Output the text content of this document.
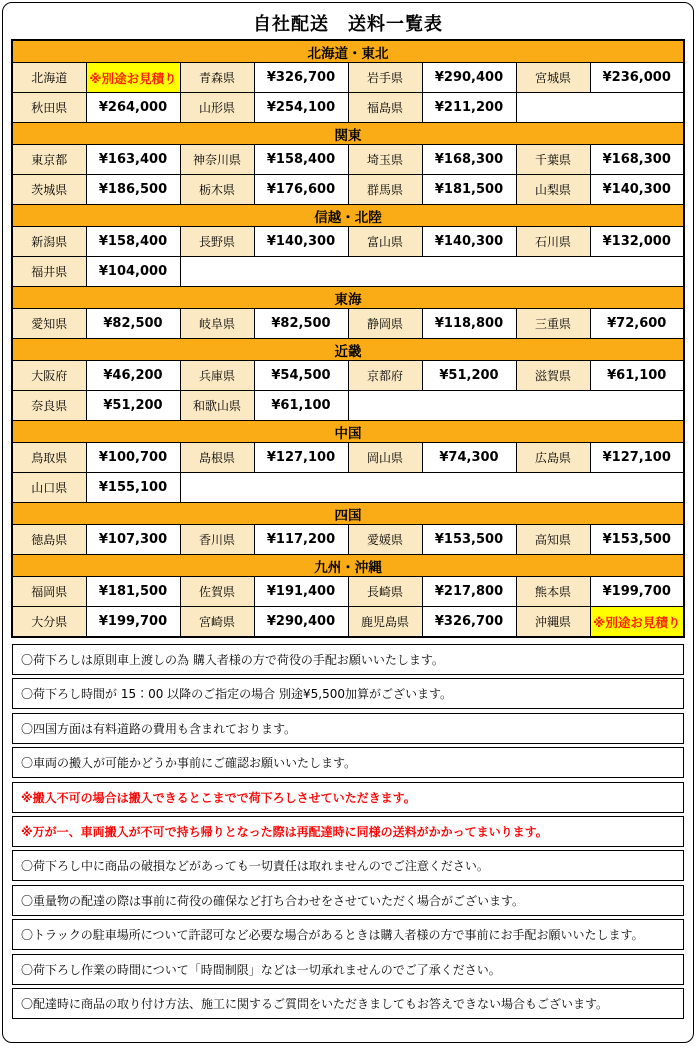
自社配送　送料一覧表
北海道・東北							
北海道	※別途お見積り	青森県	¥326,700	岩手県	¥290,400	宮城県	¥236,000
秋田県	¥264,000	山形県	¥254,100	福島県	¥211,200		
関東							
東京都	¥163,400	神奈川県	¥158,400	埼玉県	¥168,300	千葉県	¥168,300
茨城県	¥186,500	栃木県	¥176,600	群馬県	¥181,500	山梨県	¥140,300
信越・北陸							
新潟県	¥158,400	長野県	¥140,300	富山県	¥140,300	石川県	¥132,000
福井県	¥104,000						
東海							
愛知県	¥82,500	岐阜県	¥82,500	静岡県	¥118,800	三重県	¥72,600
近畿							
大阪府	¥46,200	兵庫県	¥54,500	京都府	¥51,200	滋賀県	¥61,100
奈良県	¥51,200	和歌山県	¥61,100				
中国							
鳥取県	¥100,700	島根県	¥127,100	岡山県	¥74,300	広島県	¥127,100
山口県	¥155,100						
四国							
徳島県	¥107,300	香川県	¥117,200	愛媛県	¥153,500	高知県	¥153,500
九州・沖縄							
福岡県	¥181,500	佐賀県	¥191,400	長崎県	¥217,800	熊本県	¥199,700
大分県	¥199,700	宮崎県	¥290,400	鹿児島県	¥326,700	沖縄県	※別途お見積り
〇荷下ろしは原則車上渡しの為 購入者様の方で荷役の手配お願いいたします。
〇荷下ろし時間が 15：00 以降のご指定の場合 別途¥5,500加算がございます。
〇四国方面は有料道路の費用も含まれております。
〇車両の搬入が可能かどうか事前にご確認お願いいたします。
※搬入不可の場合は搬入できるとこまでで荷下ろしさせていただきます。
※万が一、車両搬入が不可で持ち帰りとなった際は再配達時に同様の送料がかかってまいります。
〇荷下ろし中に商品の破損などがあっても一切責任は取れませんのでご注意ください。
〇重量物の配達の際は事前に荷役の確保など打ち合わせをさせていただく場合がございます。
〇トラックの駐車場所について許認可など必要な場合があるときは購入者様の方で事前にお手配お願いいたします。
〇荷下ろし作業の時間について「時間制限」などは一切承れませんのでご了承ください。
〇配達時に商品の取り付け方法、施工に関するご質問をいただきましてもお答えできない場合もございます。
